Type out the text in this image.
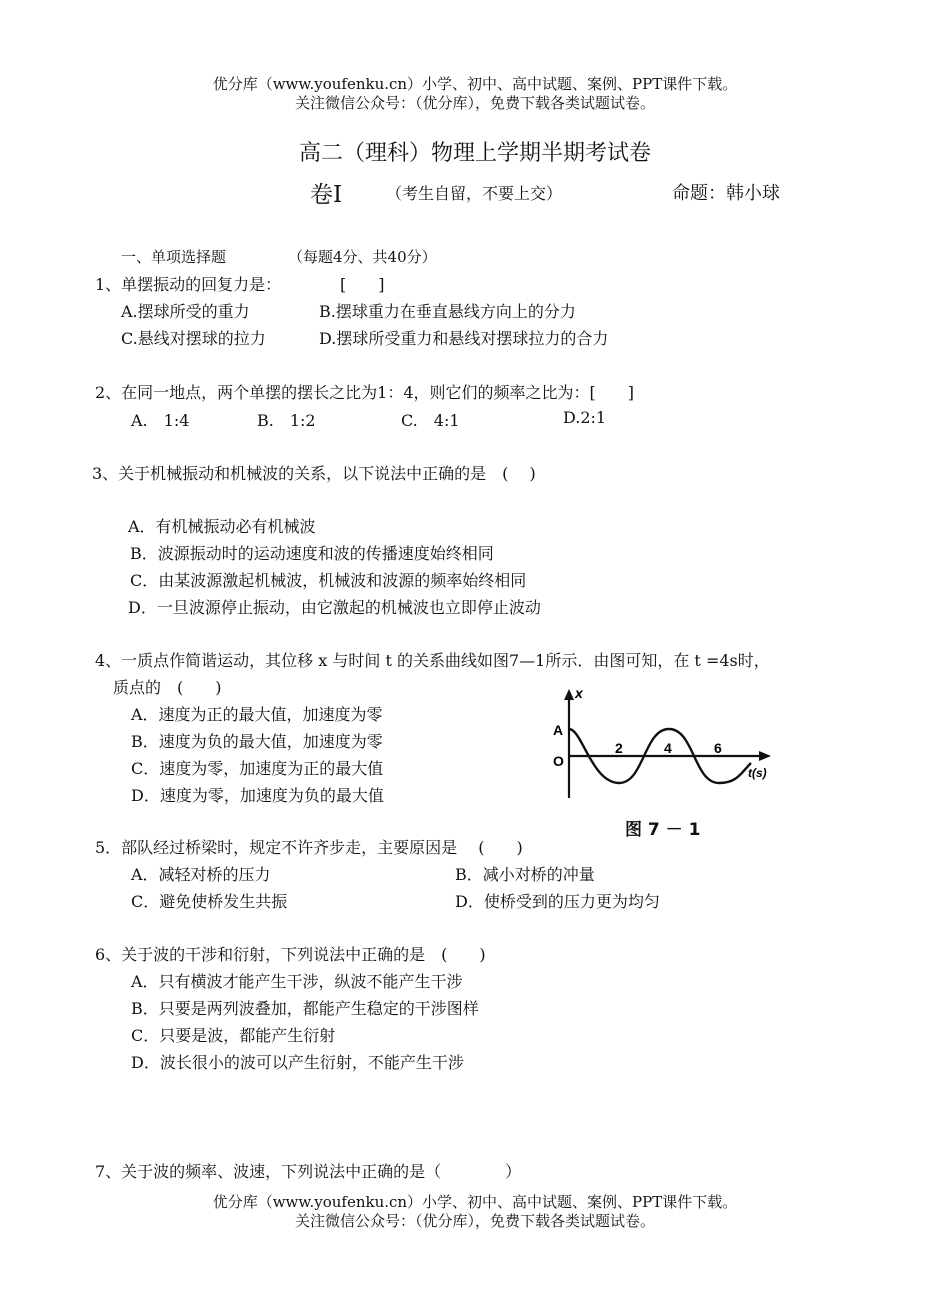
优分库（www.youfenku.cn）小学、初中、高中试题、案例、PPT课件下载。
关注微信公众号：（优分库），免费下载各类试题试卷。
高二（理科）物理上学期半期考试卷
卷Ⅰ	（考生自留，不要上交）	命题：韩小球
一、单项选择题	（每题4分、共40分）
1、单摆振动的回复力是：	[　　]
A.摆球所受的重力	B.摆球重力在垂直悬线方向上的分力
C.悬线对摆球的拉力	D.摆球所受重力和悬线对摆球拉力的合力
2、在同一地点，两个单摆的摆长之比为1：4，则它们的频率之比为：[　　]
A.　1:4	B.　1:2	C.　4:1	D.2:1
3、关于机械振动和机械波的关系，以下说法中正确的是　( 　)
A．有机械振动必有机械波
B．波源振动时的运动速度和波的传播速度始终相同
C．由某波源激起机械波，机械波和波源的频率始终相同
D．一旦波源停止振动，由它激起的机械波也立即停止波动
4、一质点作简谐运动，其位移 x 与时间 t 的关系曲线如图7—1所示．由图可知，在 t =4s时，
质点的　(　　)
A．速度为正的最大值，加速度为零
B．速度为负的最大值，加速度为零
C．速度为零，加速度为正的最大值
D．速度为零，加速度为负的最大值
x
A
O
2	4	6
t(s)
图 7 － 1
5．部队经过桥梁时，规定不许齐步走，主要原因是　 (　　)
A．减轻对桥的压力	B．减小对桥的冲量
C．避免使桥发生共振	D．使桥受到的压力更为均匀
6、关于波的干涉和衍射，下列说法中正确的是　(　　)
A．只有横波才能产生干涉，纵波不能产生干涉
B．只要是两列波叠加，都能产生稳定的干涉图样
C．只要是波，都能产生衍射
D．波长很小的波可以产生衍射，不能产生干涉
7、关于波的频率、波速，下列说法中正确的是（　　　　）
优分库（www.youfenku.cn）小学、初中、高中试题、案例、PPT课件下载。
关注微信公众号：（优分库），免费下载各类试题试卷。
